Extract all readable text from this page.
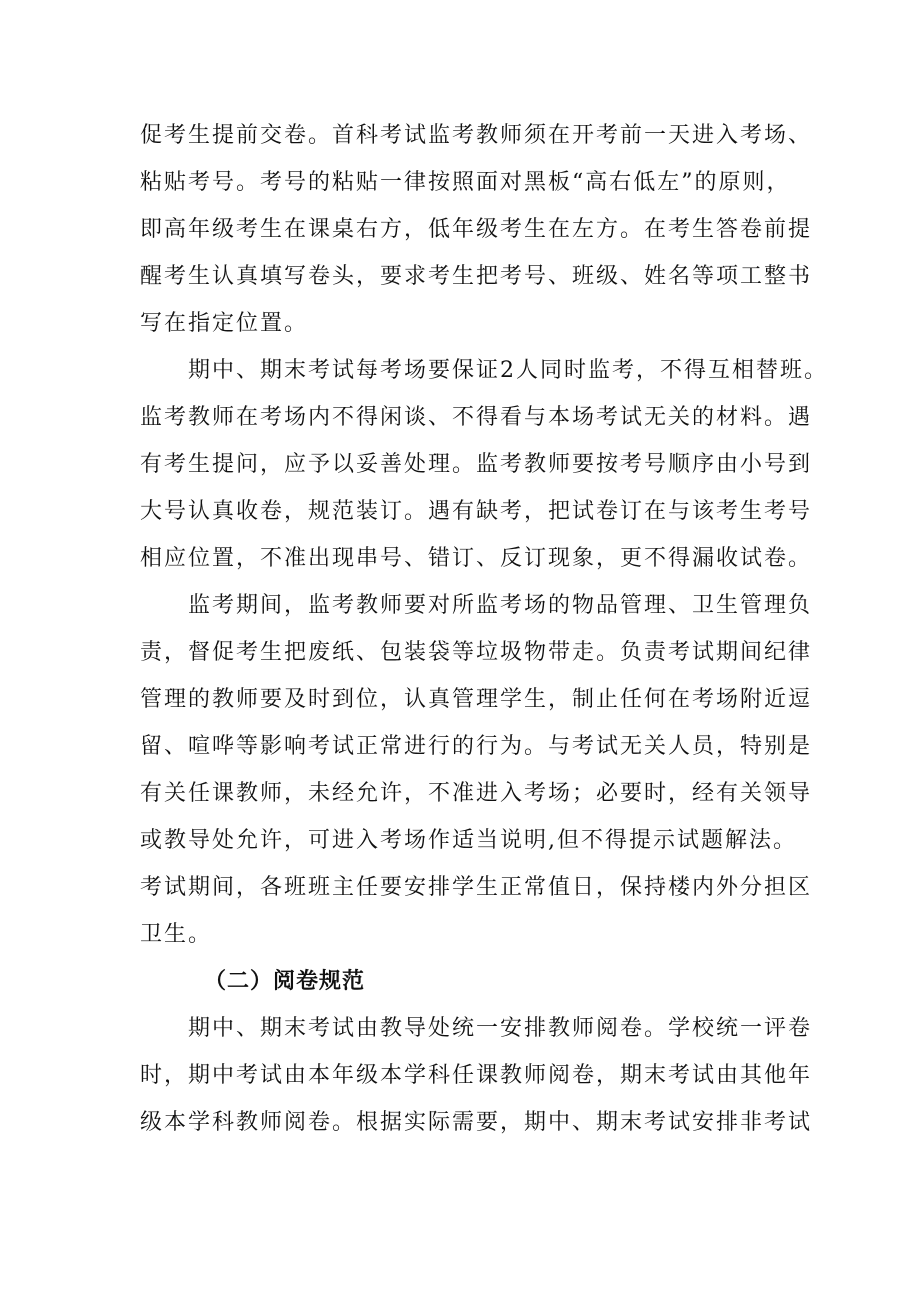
促考生提前交卷。首科考试监考教师须在开考前一天进入考场、
粘贴考号。考号的粘贴一律按照面对黑板“高右低左”的原则，
即高年级考生在课桌右方，低年级考生在左方。在考生答卷前提
醒考生认真填写卷头，要求考生把考号、班级、姓名等项工整书
写在指定位置。
期中、期末考试每考场要保证2人同时监考，不得互相替班。
监考教师在考场内不得闲谈、不得看与本场考试无关的材料。遇
有考生提问，应予以妥善处理。监考教师要按考号顺序由小号到
大号认真收卷，规范装订。遇有缺考，把试卷订在与该考生考号
相应位置，不准出现串号、错订、反订现象，更不得漏收试卷。
监考期间，监考教师要对所监考场的物品管理、卫生管理负
责，督促考生把废纸、包装袋等垃圾物带走。负责考试期间纪律
管理的教师要及时到位，认真管理学生，制止任何在考场附近逗
留、喧哗等影响考试正常进行的行为。与考试无关人员，特别是
有关任课教师，未经允许，不准进入考场；必要时，经有关领导
或教导处允许，可进入考场作适当说明,但不得提示试题解法。
考试期间，各班班主任要安排学生正常值日，保持楼内外分担区
卫生。
（二）阅卷规范
期中、期末考试由教导处统一安排教师阅卷。学校统一评卷
时，期中考试由本年级本学科任课教师阅卷，期末考试由其他年
级本学科教师阅卷。根据实际需要，期中、期末考试安排非考试
